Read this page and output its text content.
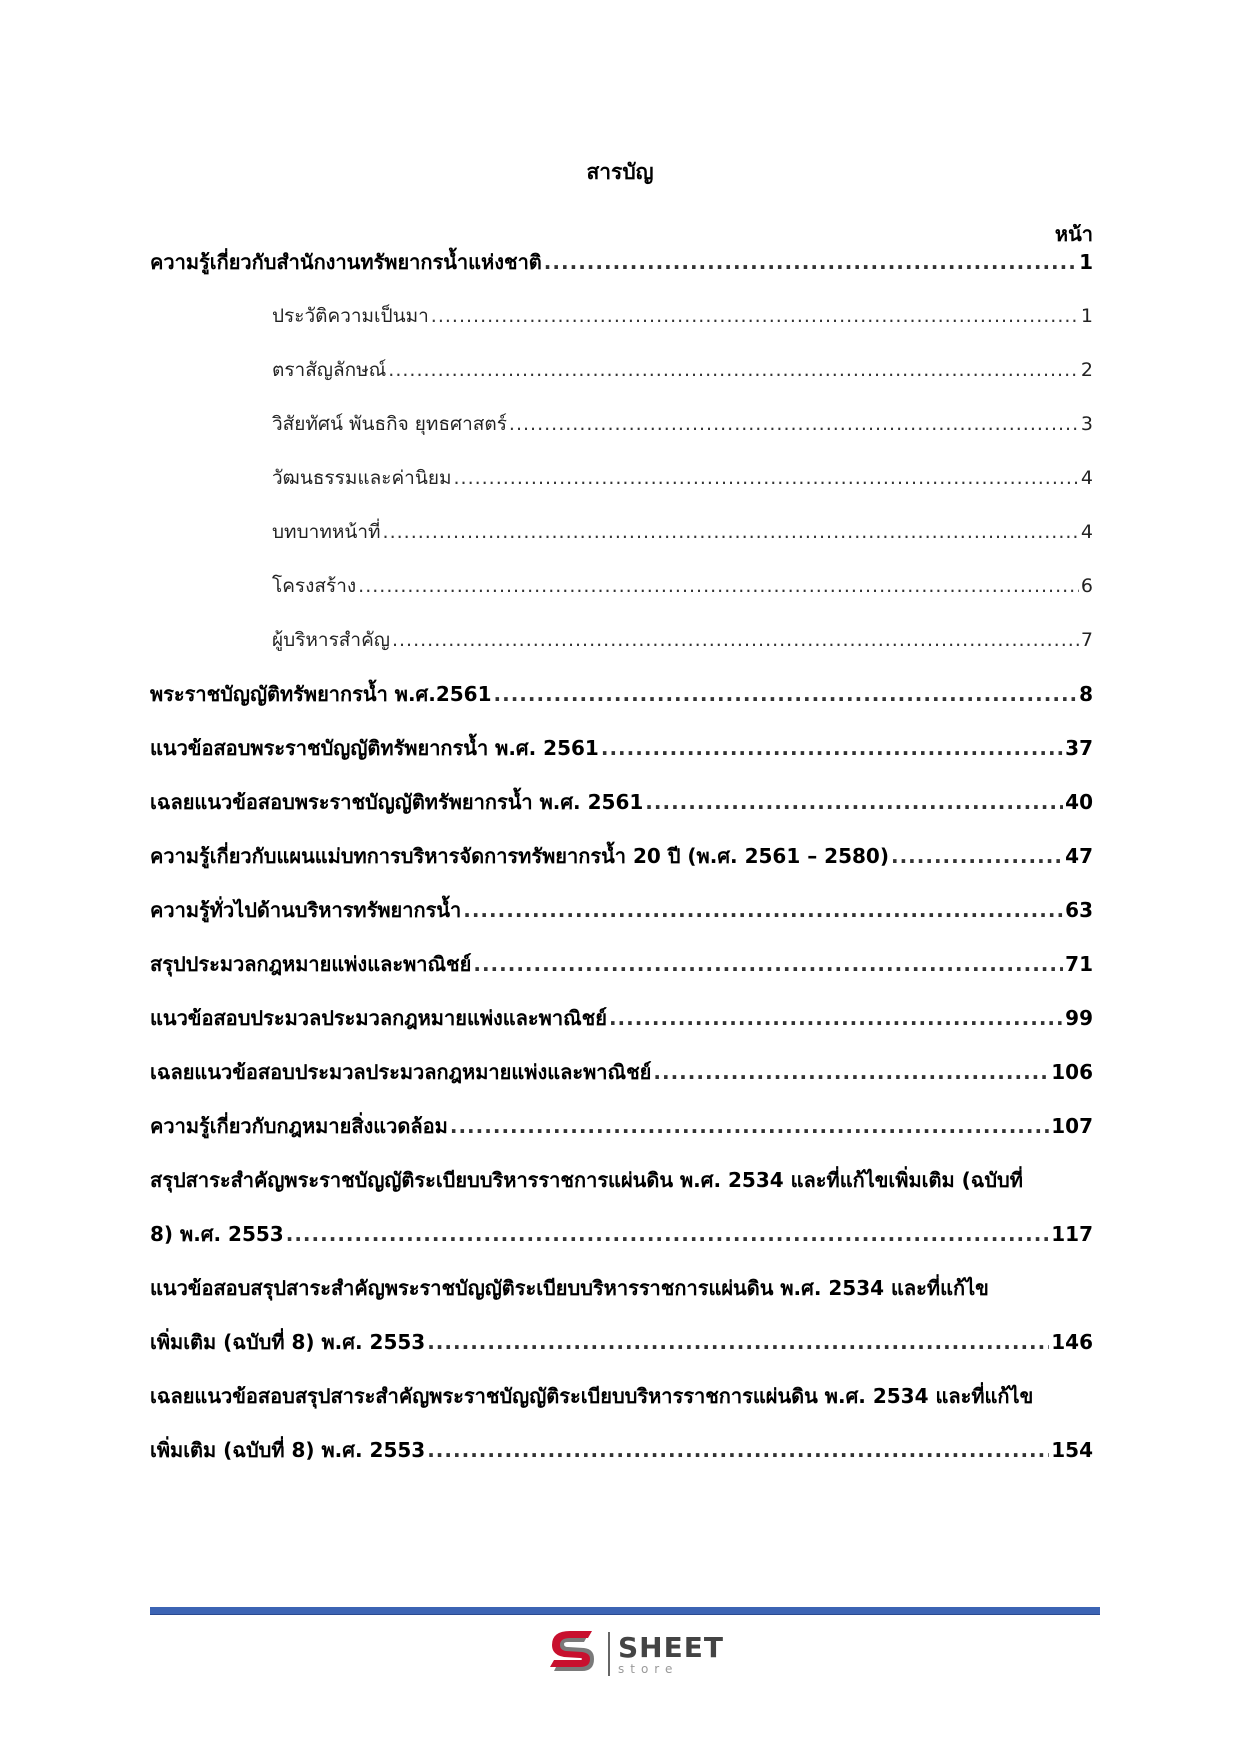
สารบัญ
หน้า
ความรู้เกี่ยวกับสำนักงานทรัพยากรน้ำแห่งชาติ .....	1
ประวัติความเป็นมา .....	1
ตราสัญลักษณ์ .....	2
วิสัยทัศน์ พันธกิจ ยุทธศาสตร์ .....	3
วัฒนธรรมและค่านิยม .....	4
บทบาทหน้าที่ .....	4
โครงสร้าง .....	6
ผู้บริหารสำคัญ .....	7
พระราชบัญญัติทรัพยากรน้ำ พ.ศ.2561 .....	8
แนวข้อสอบพระราชบัญญัติทรัพยากรน้ำ พ.ศ. 2561 .....	37
เฉลยแนวข้อสอบพระราชบัญญัติทรัพยากรน้ำ พ.ศ. 2561 .....	40
ความรู้เกี่ยวกับแผนแม่บทการบริหารจัดการทรัพยากรน้ำ 20 ปี (พ.ศ. 2561 – 2580) .....	47
ความรู้ทั่วไปด้านบริหารทรัพยากรน้ำ .....	63
สรุปประมวลกฎหมายแพ่งและพาณิชย์ .....	71
แนวข้อสอบประมวลประมวลกฎหมายแพ่งและพาณิชย์ .....	99
เฉลยแนวข้อสอบประมวลประมวลกฎหมายแพ่งและพาณิชย์ .....	106
ความรู้เกี่ยวกับกฎหมายสิ่งแวดล้อม .....	107
สรุปสาระสำคัญพระราชบัญญัติระเบียบบริหารราชการแผ่นดิน พ.ศ. 2534 และที่แก้ไขเพิ่มเติม (ฉบับที่
8) พ.ศ. 2553 .....	117
แนวข้อสอบสรุปสาระสำคัญพระราชบัญญัติระเบียบบริหารราชการแผ่นดิน พ.ศ. 2534 และที่แก้ไข
เพิ่มเติม (ฉบับที่ 8) พ.ศ. 2553 .....	146
เฉลยแนวข้อสอบสรุปสาระสำคัญพระราชบัญญัติระเบียบบริหารราชการแผ่นดิน พ.ศ. 2534 และที่แก้ไข
เพิ่มเติม (ฉบับที่ 8) พ.ศ. 2553 .....	154
SHEET
store
